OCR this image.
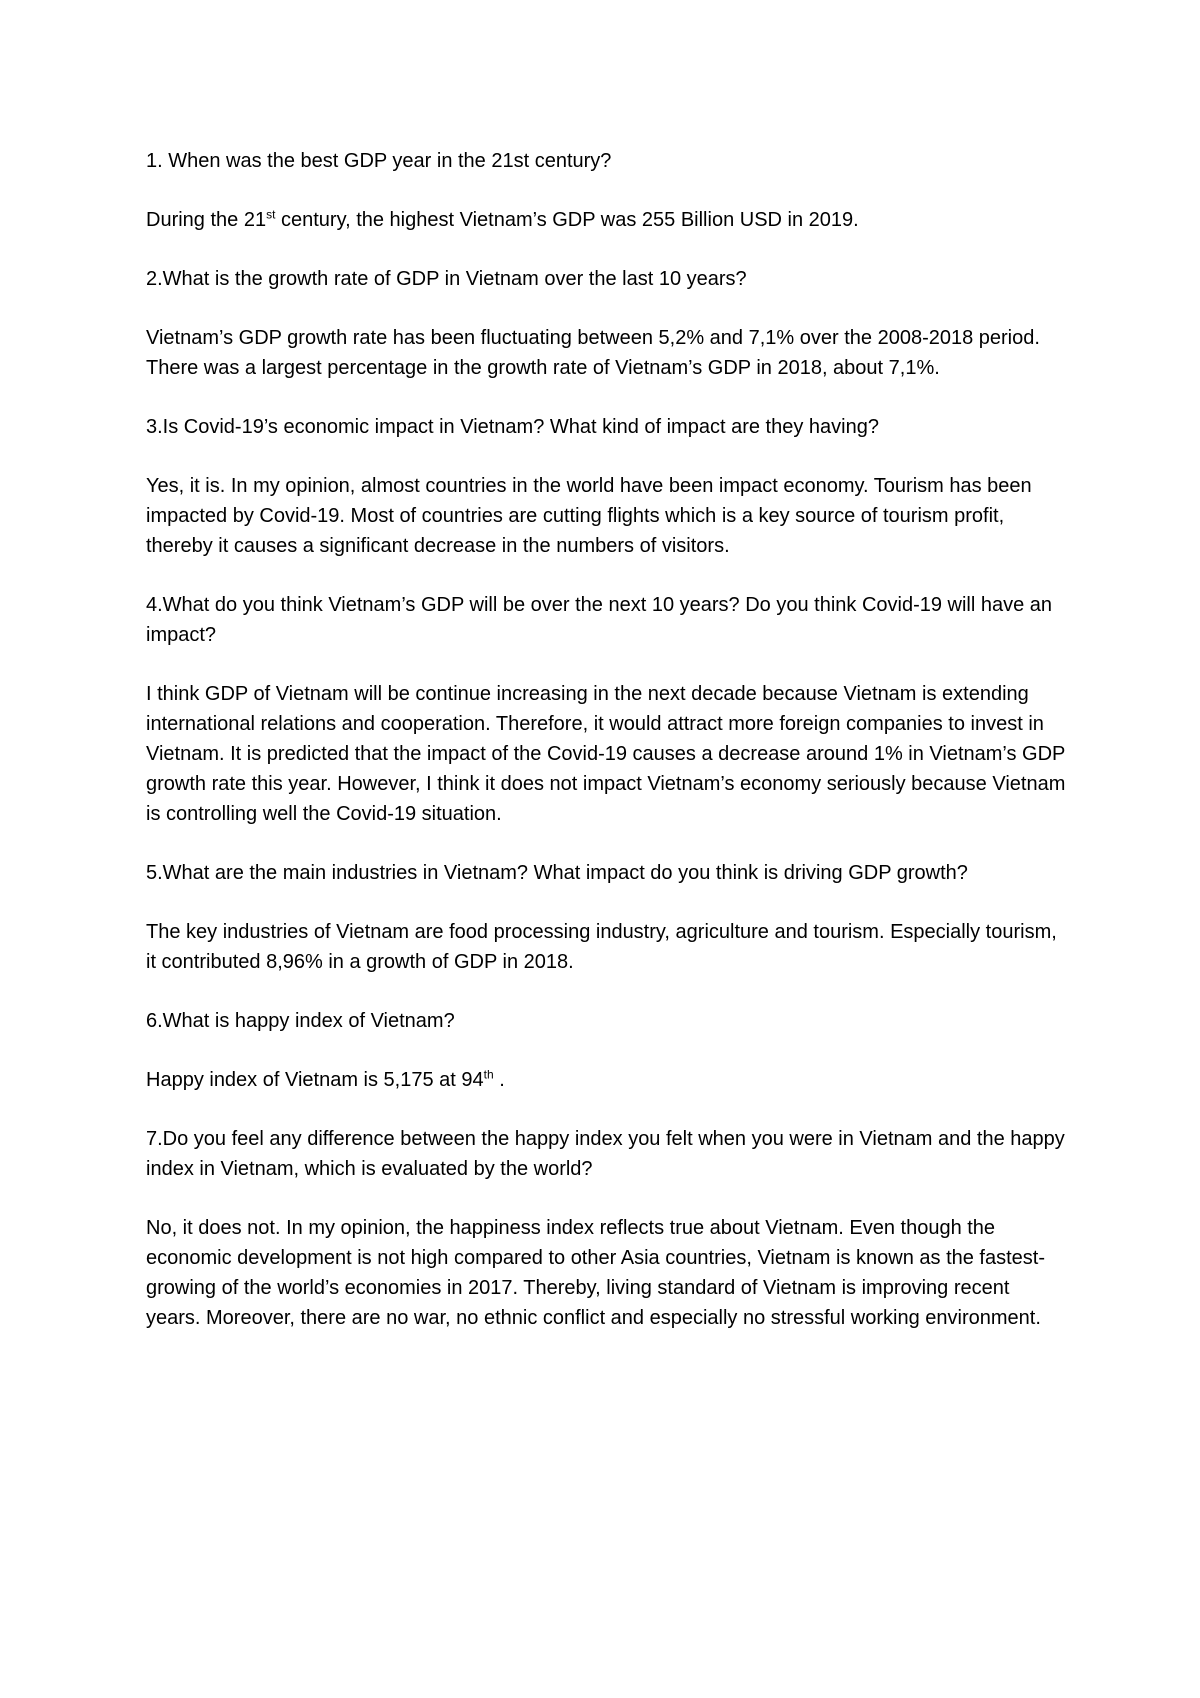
1. When was the best GDP year in the 21st century?

During the 21st century, the highest Vietnam’s GDP was 255 Billion USD in 2019.

2.What is the growth rate of GDP in Vietnam over the last 10 years?

Vietnam’s GDP growth rate has been fluctuating between 5,2% and 7,1% over the 2008-2018 period. There was a largest percentage in the growth rate of Vietnam’s GDP in 2018, about 7,1%.

3.Is Covid-19’s economic impact in Vietnam? What kind of impact are they having?

Yes, it is. In my opinion, almost countries in the world have been impact economy. Tourism has been impacted by Covid-19. Most of countries are cutting flights which is a key source of tourism profit, thereby it causes a significant decrease in the numbers of visitors.

4.What do you think Vietnam’s GDP will be over the next 10 years? Do you think Covid-19 will have an impact?

I think GDP of Vietnam will be continue increasing in the next decade because Vietnam is extending international relations and cooperation. Therefore, it would attract more foreign companies to invest in Vietnam. It is predicted that the impact of the Covid-19 causes a decrease around 1% in Vietnam’s GDP growth rate this year. However, I think it does not impact Vietnam’s economy seriously because Vietnam is controlling well the Covid-19 situation.

5.What are the main industries in Vietnam? What impact do you think is driving GDP growth?

The key industries of Vietnam are food processing industry, agriculture and tourism. Especially tourism, it contributed 8,96% in a growth of GDP in 2018.

6.What is happy index of Vietnam?

Happy index of Vietnam is 5,175 at 94th .

7.Do you feel any difference between the happy index you felt when you were in Vietnam and the happy index in Vietnam, which is evaluated by the world?

No, it does not. In my opinion, the happiness index reflects true about Vietnam. Even though the economic development is not high compared to other Asia countries, Vietnam is known as the fastest-growing of the world’s economies in 2017. Thereby, living standard of Vietnam is improving recent years. Moreover, there are no war, no ethnic conflict and especially no stressful working environment.
